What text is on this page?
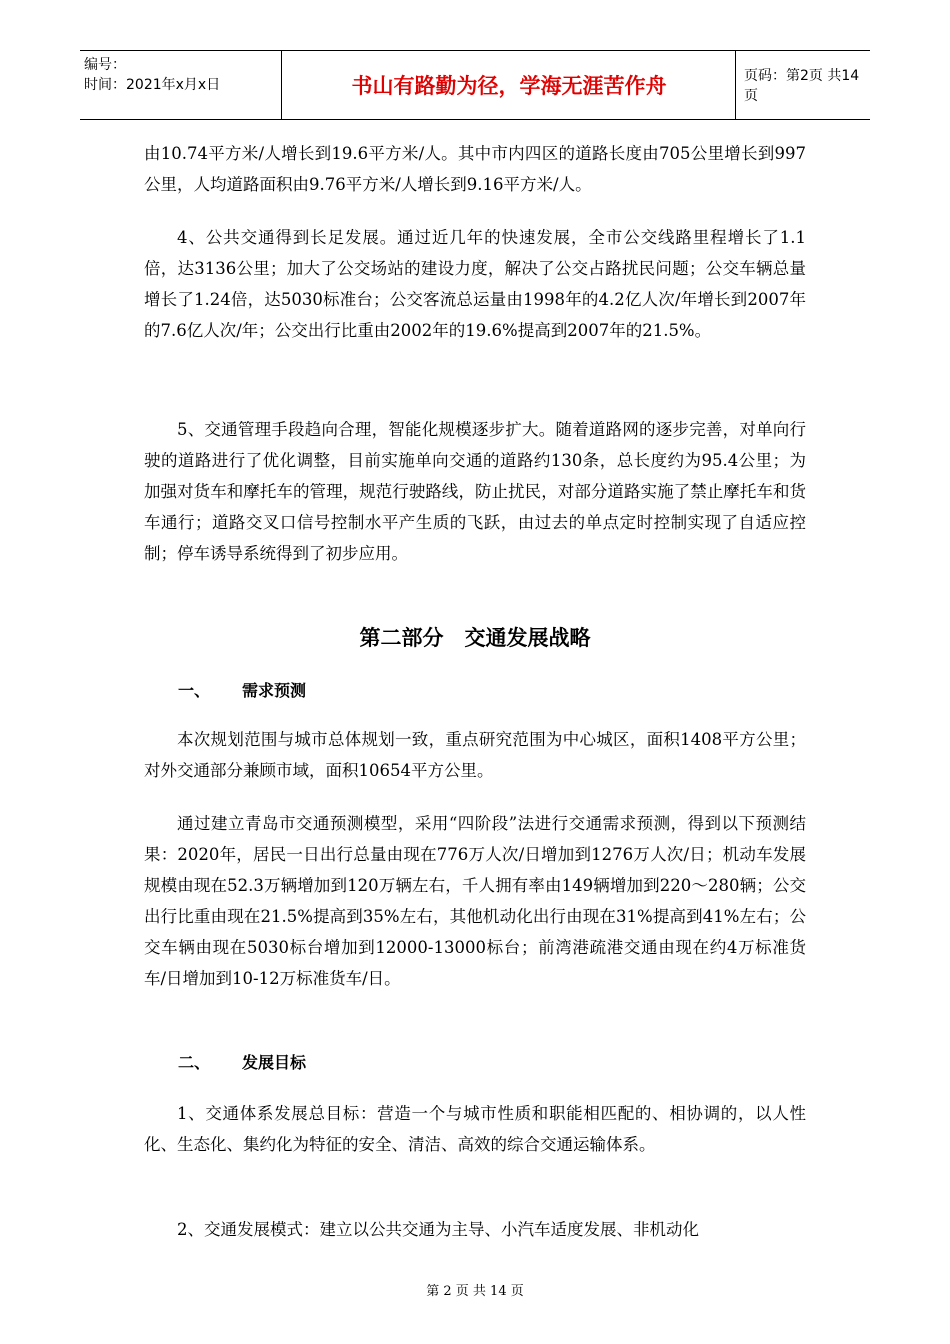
编号：
时间：2021年x月x日	书山有路勤为径，学海无涯苦作舟	页码：第2页 共14页

由10.74平方米/人增长到19.6平方米/人。其中市内四区的道路长度由705公里增长到997公里，人均道路面积由9.76平方米/人增长到9.16平方米/人。

4、公共交通得到长足发展。通过近几年的快速发展，全市公交线路里程增长了1.1倍，达3136公里；加大了公交场站的建设力度，解决了公交占路扰民问题；公交车辆总量增长了1.24倍，达5030标准台；公交客流总运量由1998年的4.2亿人次/年增长到2007年的7.6亿人次/年；公交出行比重由2002年的19.6%提高到2007年的21.5%。

5、交通管理手段趋向合理，智能化规模逐步扩大。随着道路网的逐步完善，对单向行驶的道路进行了优化调整，目前实施单向交通的道路约130条，总长度约为95.4公里；为加强对货车和摩托车的管理，规范行驶路线，防止扰民，对部分道路实施了禁止摩托车和货车通行；道路交叉口信号控制水平产生质的飞跃，由过去的单点定时控制实现了自适应控制；停车诱导系统得到了初步应用。

第二部分　交通发展战略
一、 需求预测

本次规划范围与城市总体规划一致，重点研究范围为中心城区，面积1408平方公里；对外交通部分兼顾市域，面积10654平方公里。

通过建立青岛市交通预测模型，采用“四阶段”法进行交通需求预测，得到以下预测结果：2020年，居民一日出行总量由现在776万人次/日增加到1276万人次/日；机动车发展规模由现在52.3万辆增加到120万辆左右，千人拥有率由149辆增加到220～280辆；公交出行比重由现在21.5%提高到35%左右，其他机动化出行由现在31%提高到41%左右；公交车辆由现在5030标台增加到12000-13000标台；前湾港疏港交通由现在约4万标准货车/日增加到10-12万标准货车/日。

二、 发展目标

1、交通体系发展总目标：营造一个与城市性质和职能相匹配的、相协调的，以人性化、生态化、集约化为特征的安全、清洁、高效的综合交通运输体系。

2、交通发展模式：建立以公共交通为主导、小汽车适度发展、非机动化

第 2 页 共 14 页
